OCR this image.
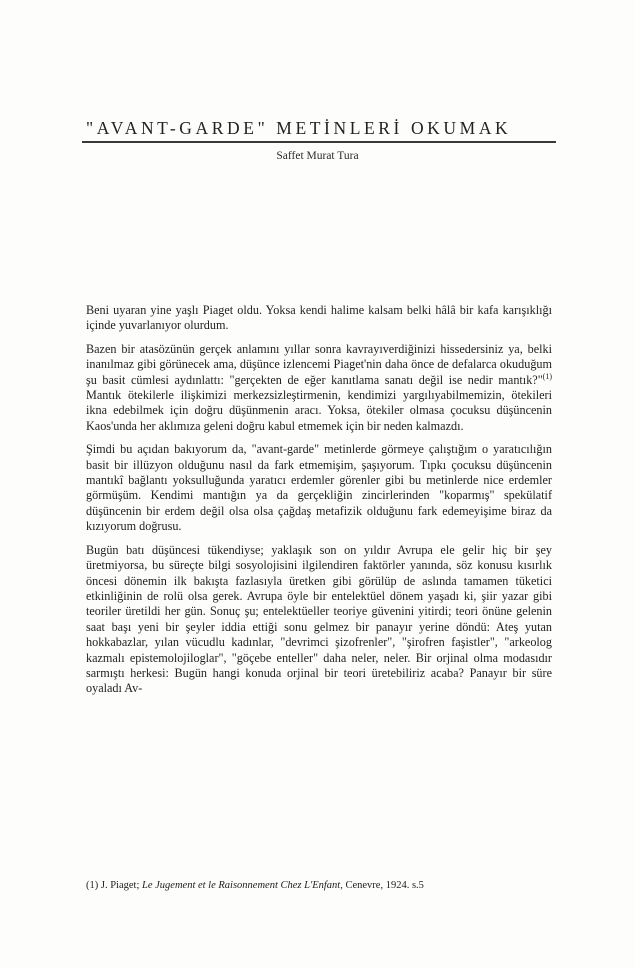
"AVANT-GARDE" METİNLERİ OKUMAK
Saffet Murat Tura

Beni uyaran yine yaşlı Piaget oldu. Yoksa kendi halime kalsam belki hâlâ bir kafa karışıklığı içinde yuvarlanıyor olurdum.

Bazen bir atasözünün gerçek anlamını yıllar sonra kavrayıverdiğinizi hissedersiniz ya, belki inanılmaz gibi görünecek ama, düşünce izlencemi Piaget'nin daha önce de defalarca okuduğum şu basit cümlesi aydınlattı: "gerçekten de eğer kanıtlama sanatı değil ise nedir mantık?"$^{(1)}$ Mantık ötekilerle ilişkimizi merkezsizleştirmenin, kendimizi yargılıyabilmemizin, ötekileri ikna edebilmek için doğru düşünmenin aracı. Yoksa, ötekiler olmasa çocuksu düşüncenin Kaos'unda her aklımıza geleni doğru kabul etmemek için bir neden kalmazdı.

Şimdi bu açıdan bakıyorum da, "avant-garde" metinlerde görmeye çalıştığım o yaratıcılığın basit bir illüzyon olduğunu nasıl da fark etmemişim, şaşıyorum. Tıpkı çocuksu düşüncenin mantıkî bağlantı yoksulluğunda yaratıcı erdemler görenler gibi bu metinlerde nice erdemler görmüşüm. Kendimi mantığın ya da gerçekliğin zincirlerinden "koparmış" spekülatif düşüncenin bir erdem değil olsa olsa çağdaş metafizik olduğunu fark edemeyişime biraz da kızıyorum doğrusu.

Bugün batı düşüncesi tükendiyse; yaklaşık son on yıldır Avrupa ele gelir hiç bir şey üretmiyorsa, bu süreçte bilgi sosyolojisini ilgilendiren faktörler yanında, söz konusu kısırlık öncesi dönemin ilk bakışta fazlasıyla üretken gibi görülüp de aslında tamamen tüketici etkinliğinin de rolü olsa gerek. Avrupa öyle bir entelektüel dönem yaşadı ki, şiir yazar gibi teoriler üretildi her gün. Sonuç şu; entelektüeller teoriye güvenini yitirdi; teori önüne gelenin saat başı yeni bir şeyler iddia ettiği sonu gelmez bir panayır yerine döndü: Ateş yutan hokkabazlar, yılan vücudlu kadınlar, "devrimci şizofrenler", "şirofren faşistler", "arkeolog kazmalı epistemolojiloglar", "göçebe enteller" daha neler, neler. Bir orjinal olma modasıdır sarmıştı herkesi: Bugün hangi konuda orjinal bir teori üretebiliriz acaba? Panayır bir süre oyaladı Av-

(1) J. Piaget; Le Jugement et le Raisonnement Chez L'Enfant, Cenevre, 1924. s.5
